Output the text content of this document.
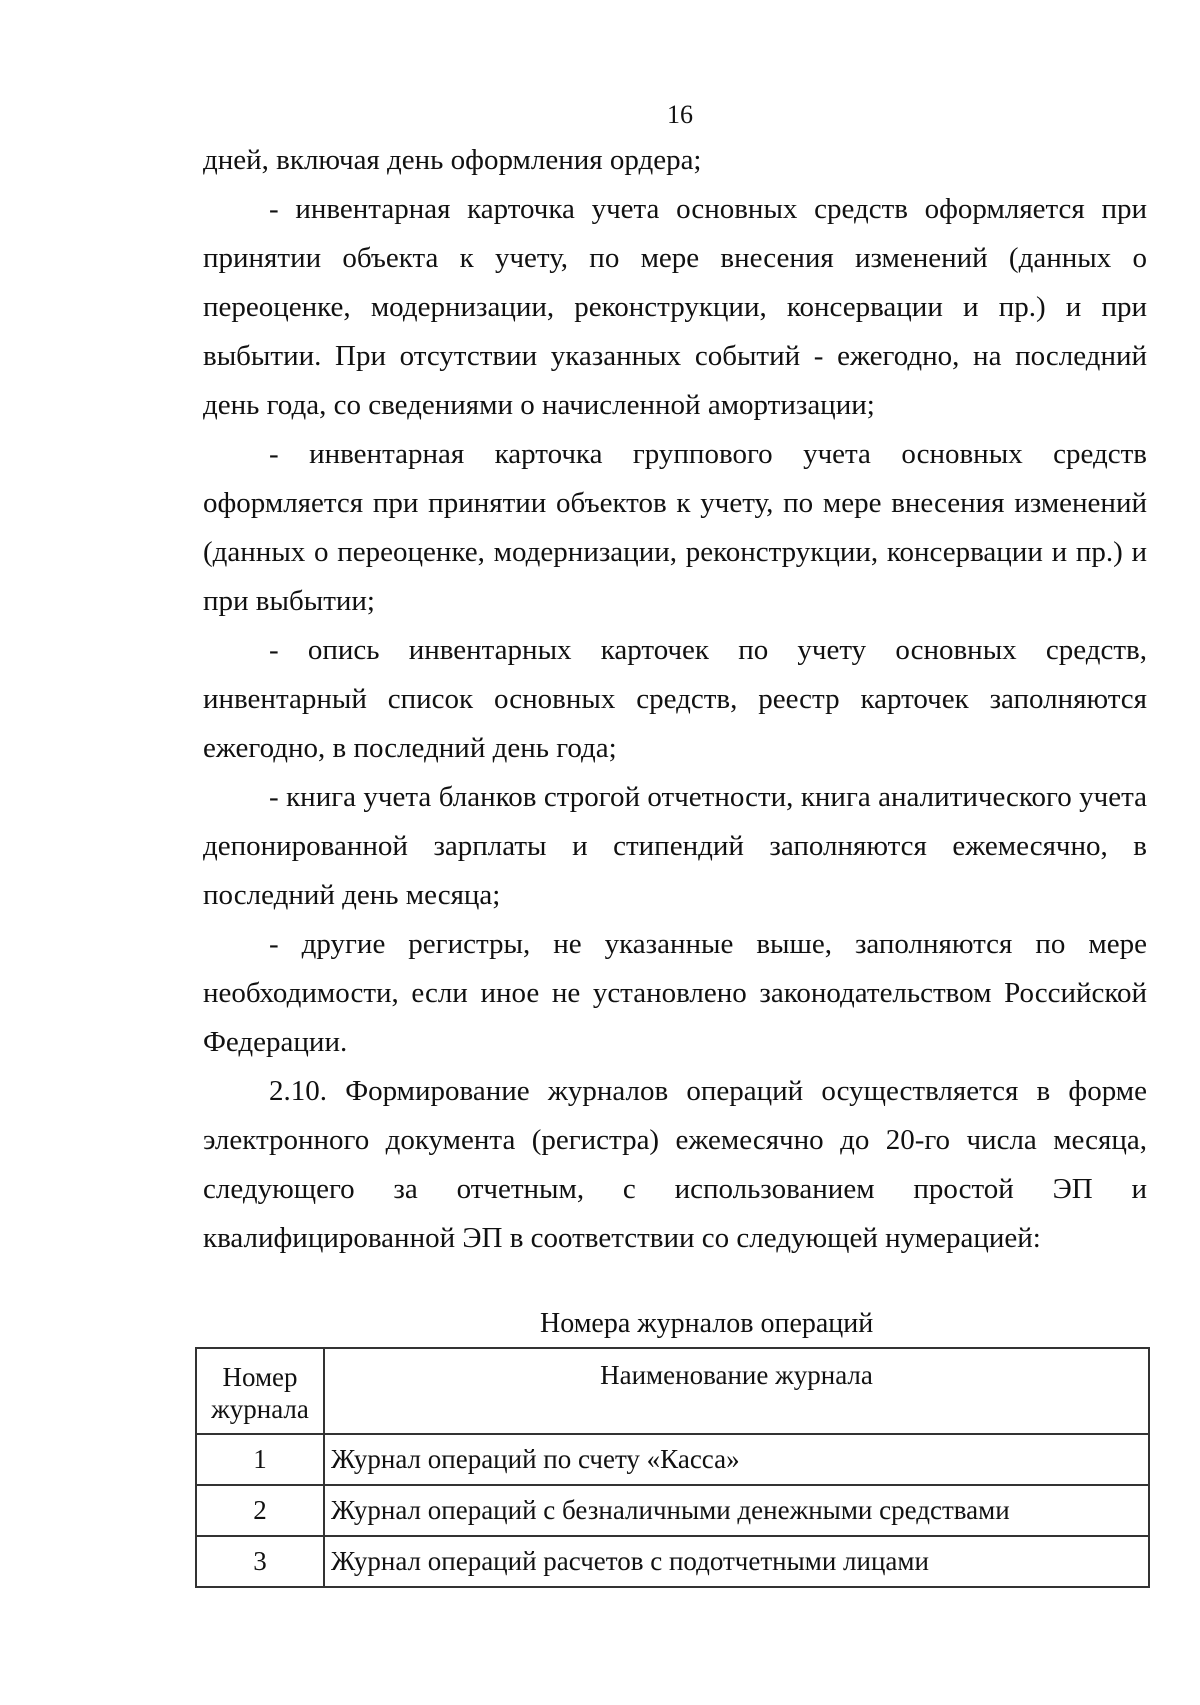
16

дней, включая день оформления ордера;

- инвентарная карточка учета основных средств оформляется при принятии объекта к учету, по мере внесения изменений (данных о переоценке, модернизации, реконструкции, консервации и пр.) и при выбытии. При отсутствии указанных событий - ежегодно, на последний день года, со сведениями о начисленной амортизации;

- инвентарная карточка группового учета основных средств оформляется при принятии объектов к учету, по мере внесения изменений (данных о переоценке, модернизации, реконструкции, консервации и пр.) и при выбытии;

- опись инвентарных карточек по учету основных средств, инвентарный список основных средств, реестр карточек заполняются ежегодно, в последний день года;

- книга учета бланков строгой отчетности, книга аналитического учета депонированной зарплаты и стипендий заполняются ежемесячно, в последний день месяца;

- другие регистры, не указанные выше, заполняются по мере необходимости, если иное не установлено законодательством Российской Федерации.

2.10. Формирование журналов операций осуществляется в форме электронного документа (регистра) ежемесячно до 20-го числа месяца, следующего за отчетным, с использованием простой ЭП и квалифицированной ЭП в соответствии со следующей нумерацией:

Номера журналов операций

Номер журнала	Наименование журнала
1	Журнал операций по счету «Касса»
2	Журнал операций с безналичными денежными средствами
3	Журнал операций расчетов с подотчетными лицами
